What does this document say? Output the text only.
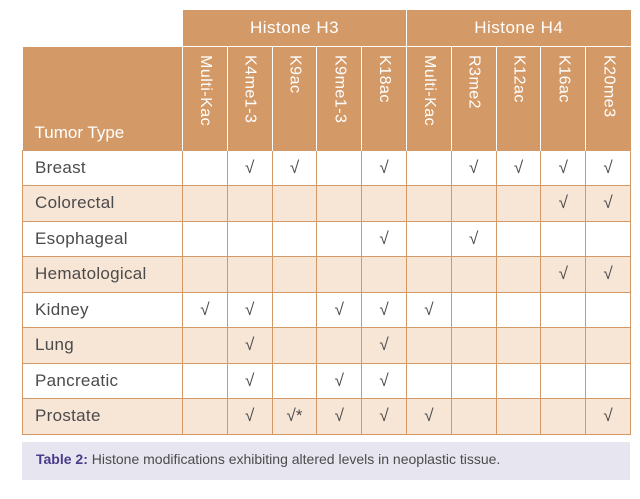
	Histone H3					Histone H4				
Tumor Type	Multi-Kac	K4me1-3	K9ac	K9me1-3	K18ac	Multi-Kac	R3me2	K12ac	K16ac	K20me3

Breast		√	√		√		√	√	√	√
Colorectal									√	√
Esophageal					√		√			
Hematological									√	√
Kidney	√	√		√	√	√				
Lung		√			√					
Pancreatic		√		√	√					
Prostate		√	√*	√	√	√				√
Table 2: Histone modifications exhibiting altered levels in neoplastic tissue.
